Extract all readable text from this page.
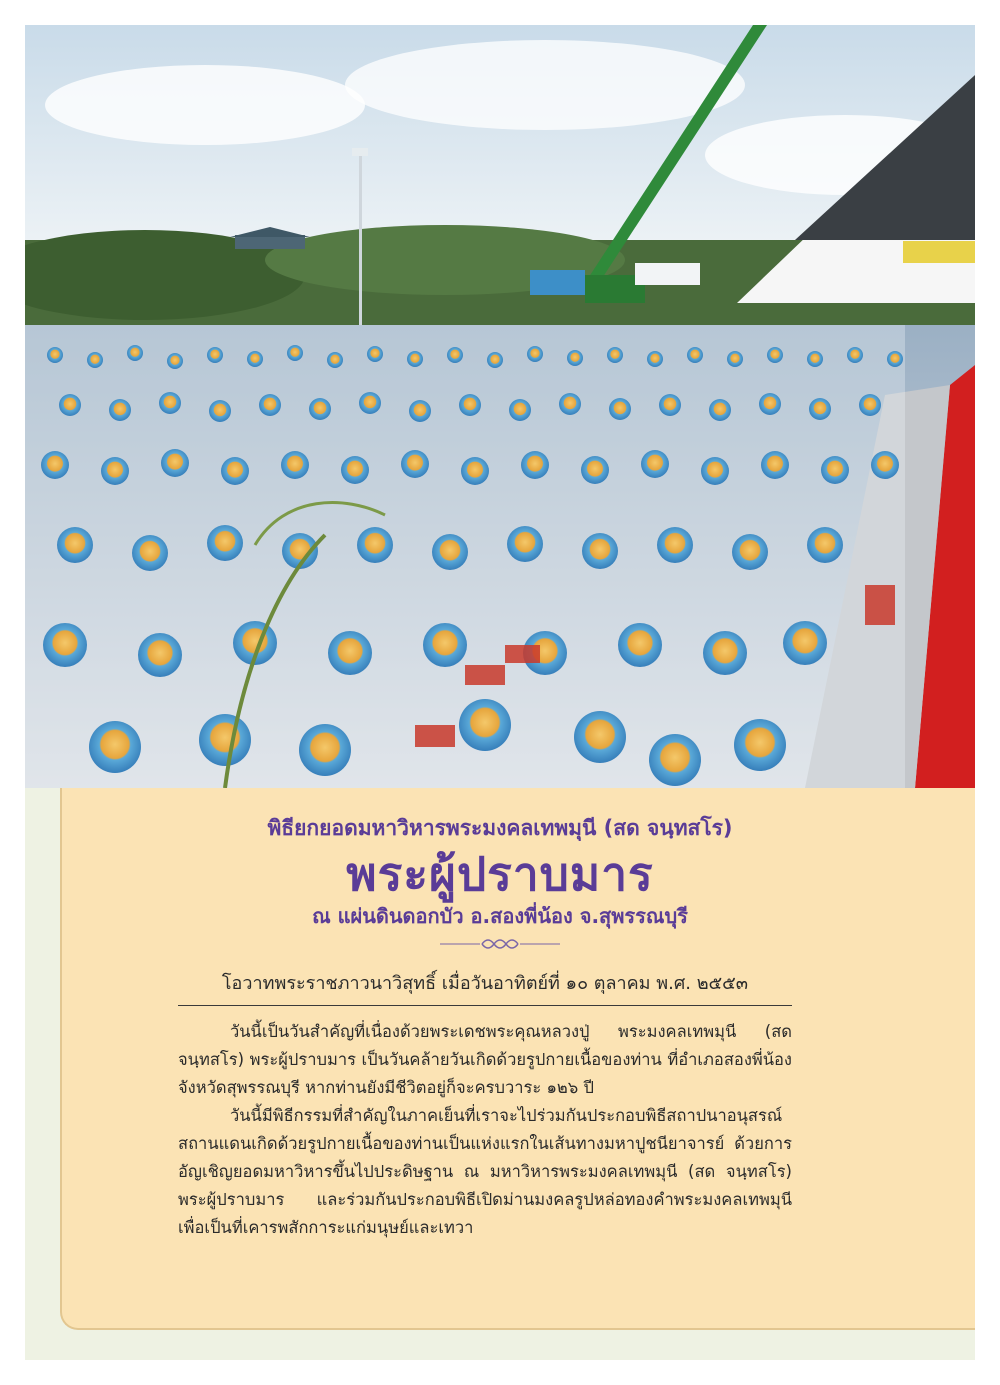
พิธียกยอดมหาวิหารพระมงคลเทพมุนี (สด จนฺทสโร)
พระผู้ปราบมาร
ณ แผ่นดินดอกบัว อ.สองพี่น้อง จ.สุพรรณบุรี
โอวาทพระราชภาวนาวิสุทธิ์ เมื่อวันอาทิตย์ที่ ๑๐ ตุลาคม พ.ศ. ๒๕๕๓

วันนี้เป็นวันสำคัญที่เนื่องด้วยพระเดชพระคุณหลวงปู่ พระมงคลเทพมุนี (สด จนฺทสโร) พระผู้ปราบมาร เป็นวันคล้ายวันเกิดด้วยรูปกายเนื้อของท่าน ที่อำเภอสองพี่น้อง จังหวัดสุพรรณบุรี หากท่านยังมีชีวิตอยู่ก็จะครบวาระ ๑๒๖ ปี

วันนี้มีพิธีกรรมที่สำคัญในภาคเย็นที่เราจะไปร่วมกันประกอบพิธีสถาปนาอนุสรณ์สถานแดนเกิดด้วยรูปกายเนื้อของท่านเป็นแห่งแรกในเส้นทางมหาปูชนียาจารย์ ด้วยการอัญเชิญยอดมหาวิหารขึ้นไปประดิษฐาน ณ มหาวิหารพระมงคลเทพมุนี (สด จนฺทสโร) พระผู้ปราบมาร และร่วมกันประกอบพิธีเปิดม่านมงคลรูปหล่อทองคำพระมงคลเทพมุนี เพื่อเป็นที่เคารพสักการะแก่มนุษย์และเทวา
